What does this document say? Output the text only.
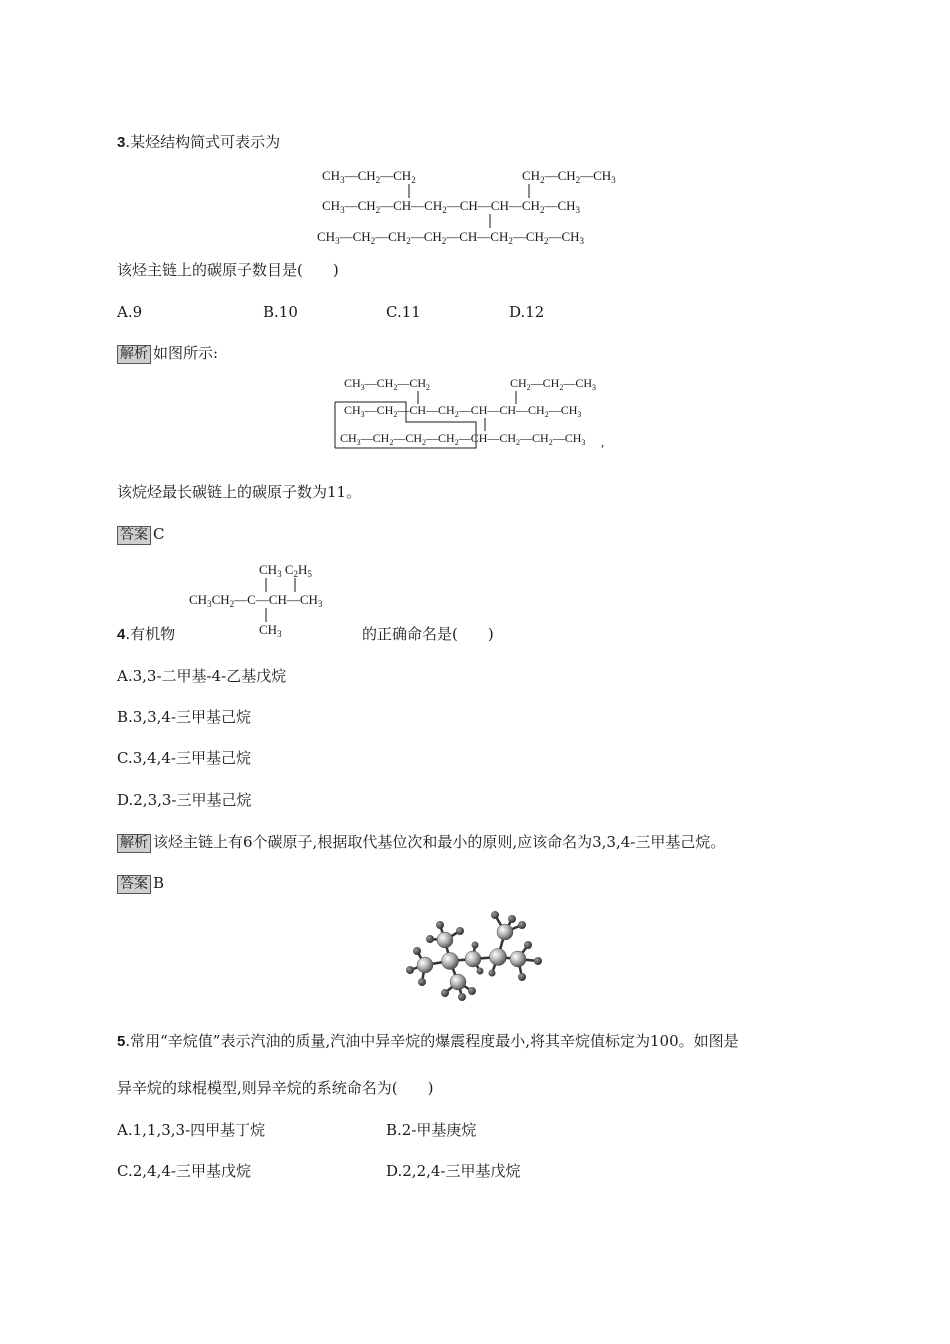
3.某烃结构简式可表示为
$CH_3—CH_2—CH_2$	$CH_2—CH_2—CH_3$
$CH_3—CH_2—CH—CH_2—CH—CH—CH_2—CH_3$
$CH_3—CH_2—CH_2—CH_2—CH—CH_2—CH_2—CH_3$
该烃主链上的碳原子数目是(　　)
A.9	B.10	C.11	D.12
解析 如图所示:
$CH_3—CH_2—CH_2$	$CH_2—CH_2—CH_3$
$CH_3—CH_2—CH—CH_2—CH—CH—CH_2—CH_3$
$CH_3—CH_2—CH_2—CH_2—CH—CH_2—CH_2—CH_3$ ,
该烷烃最长碳链上的碳原子数为11。
答案 C
$CH_3$ $C_2H_5$
$CH_3CH_2—C—CH—CH_3$
$CH_3$
4.有机物	的正确命名是(　　)
A.3,3-二甲基-4-乙基戊烷
B.3,3,4-三甲基己烷
C.3,4,4-三甲基己烷
D.2,3,3-三甲基己烷
解析 该烃主链上有6个碳原子,根据取代基位次和最小的原则,应该命名为3,3,4-三甲基己烷。
答案 B
5.常用“辛烷值”表示汽油的质量,汽油中异辛烷的爆震程度最小,将其辛烷值标定为100。如图是
异辛烷的球棍模型,则异辛烷的系统命名为(　　)
A.1,1,3,3-四甲基丁烷	B.2-甲基庚烷
C.2,4,4-三甲基戊烷	D.2,2,4-三甲基戊烷
